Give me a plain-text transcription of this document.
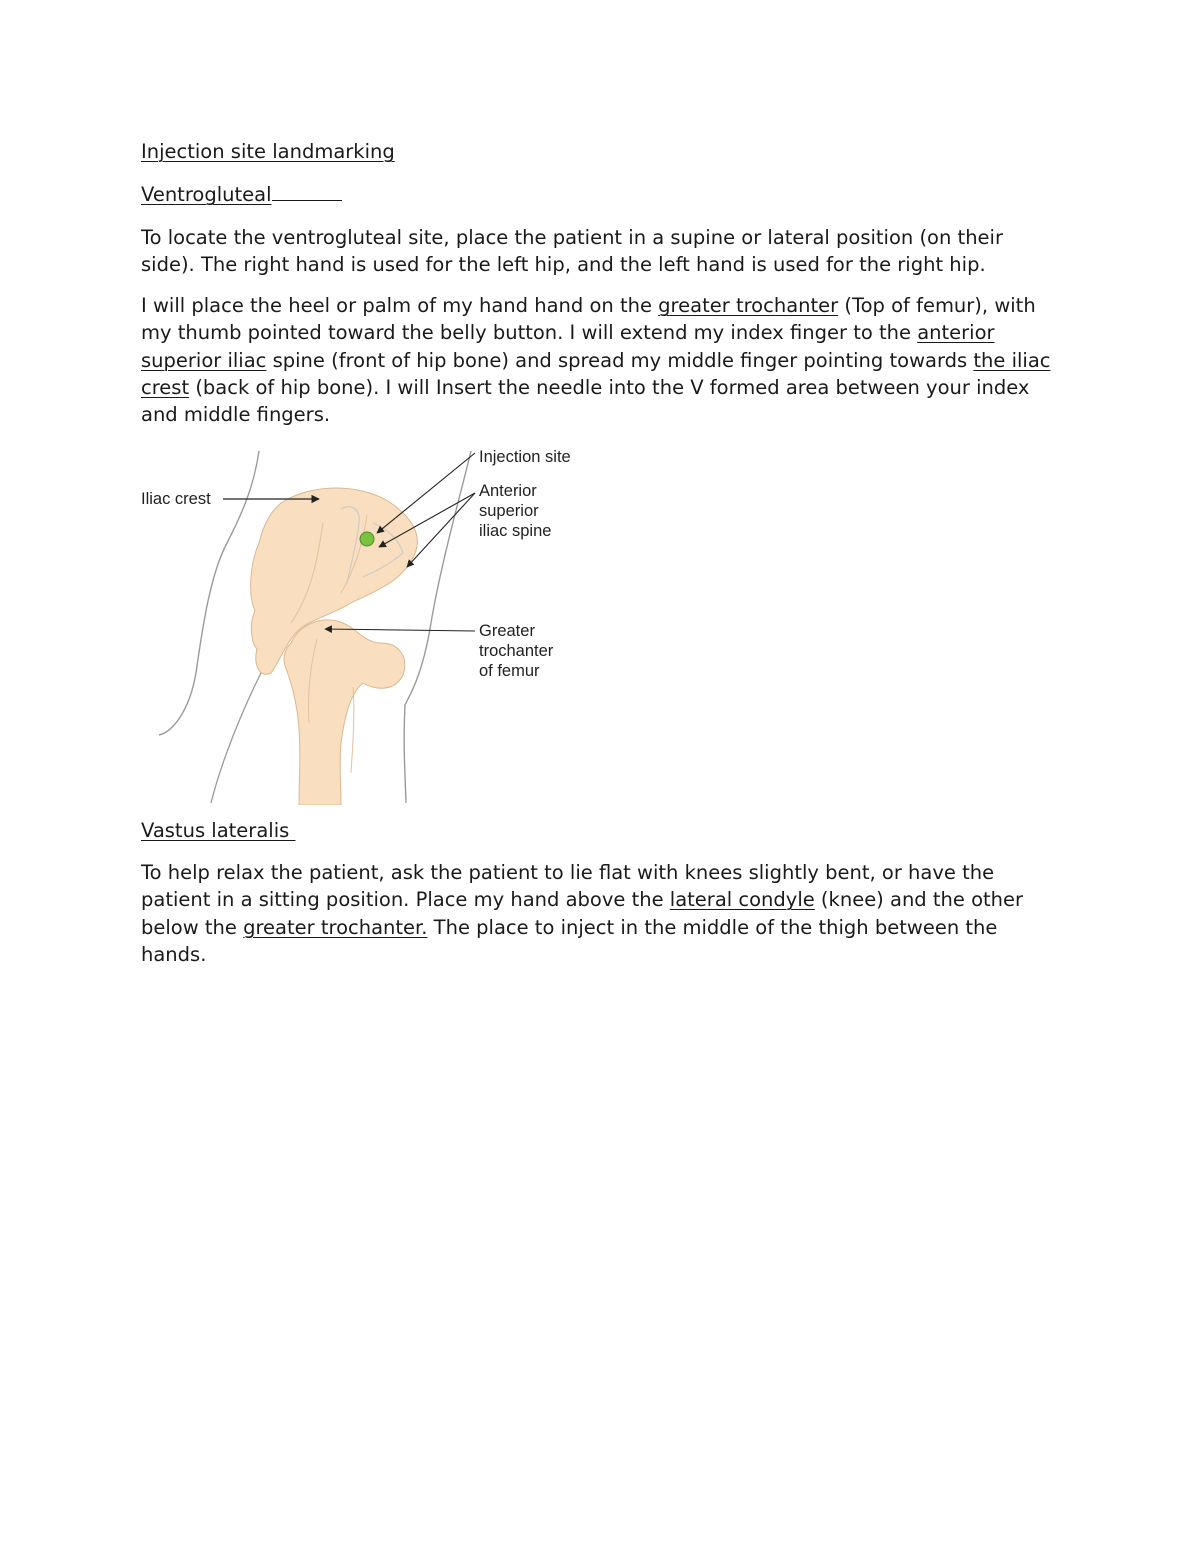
Injection site landmarking

Ventrogluteal

To locate the ventrogluteal site, place the patient in a supine or lateral position (on their side). The right hand is used for the left hip, and the left hand is used for the right hip.

I will place the heel or palm of my hand hand on the greater trochanter (Top of femur), with my thumb pointed toward the belly button. I will extend my index finger to the anterior superior iliac spine (front of hip bone) and spread my middle finger pointing towards the iliac crest (back of hip bone). I will Insert the needle into the V formed area between your index and middle fingers.

Iliac crest
Injection site
Anterior
superior
iliac spine
Greater
trochanter
of femur

Vastus lateralis

To help relax the patient, ask the patient to lie flat with knees slightly bent, or have the patient in a sitting position. Place my hand above the lateral condyle (knee) and the other below the greater trochanter. The place to inject in the middle of the thigh between the hands.
